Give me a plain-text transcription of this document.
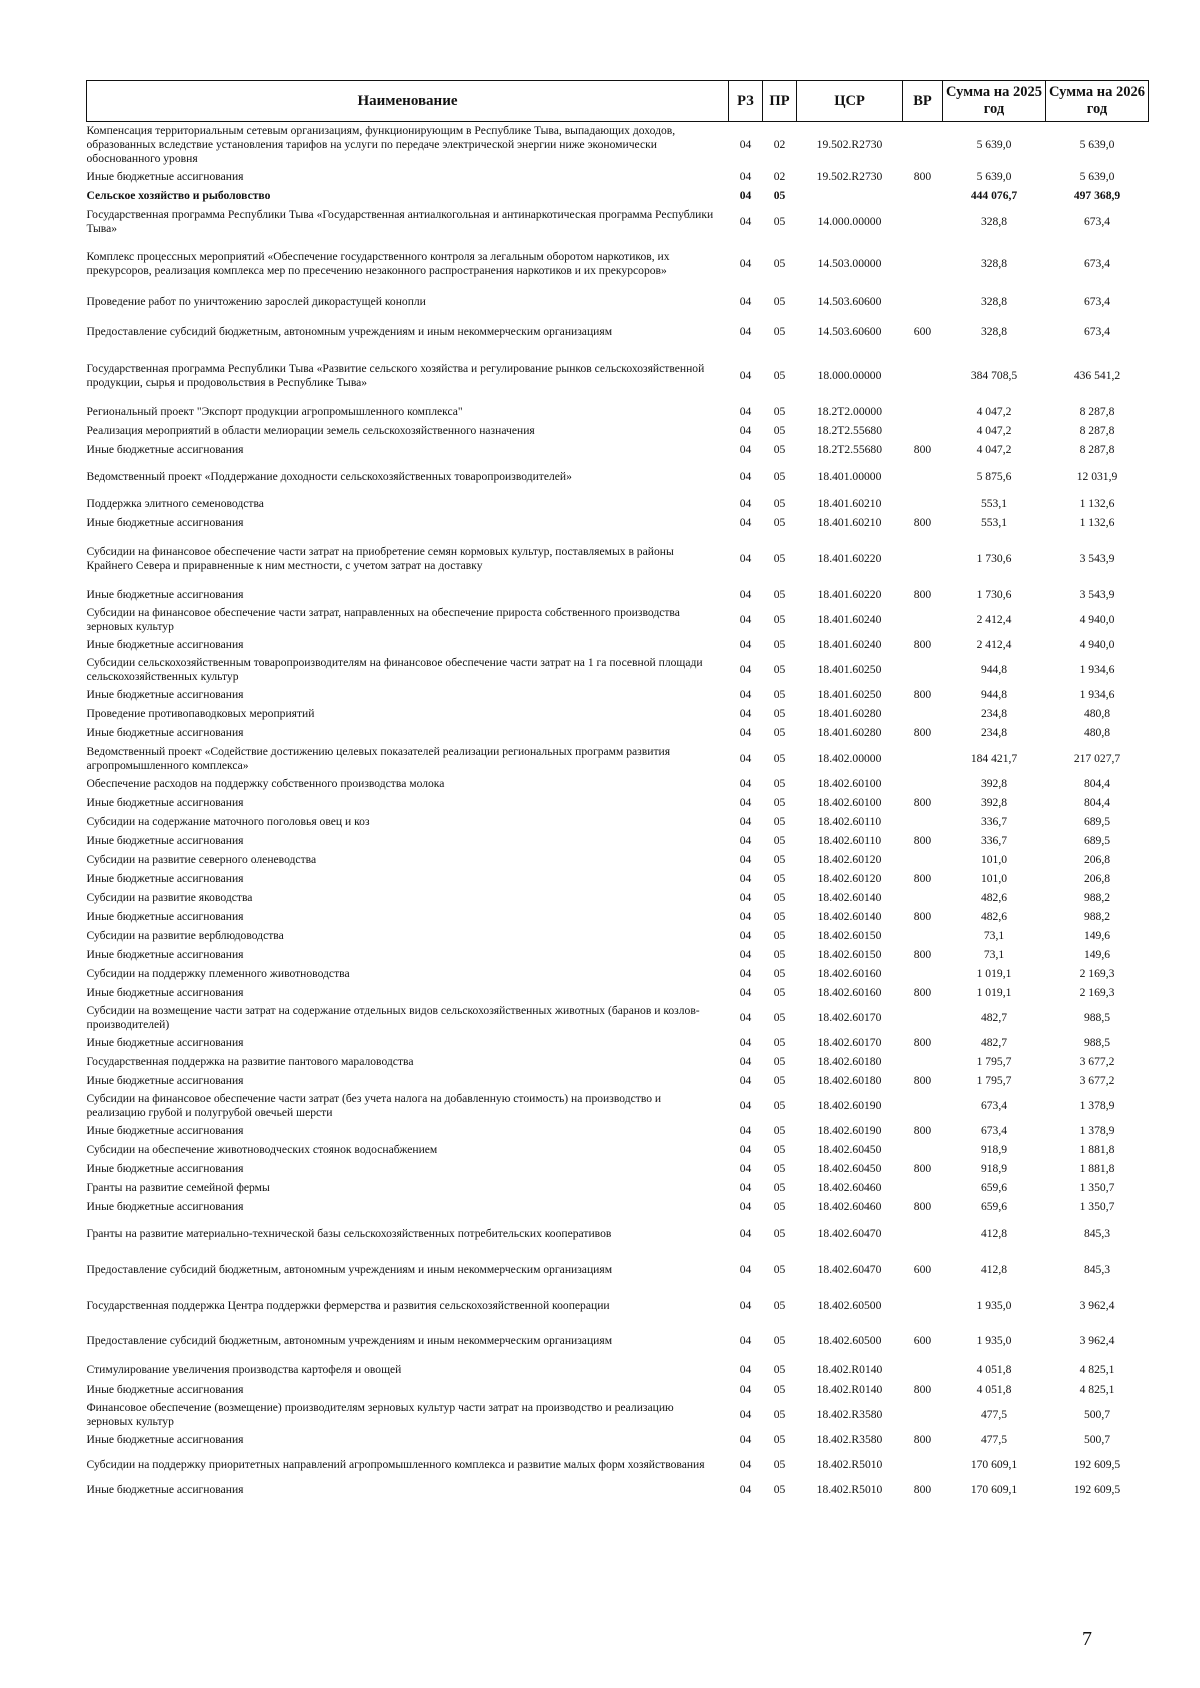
Наименование	РЗ	ПР	ЦСР	ВР	Сумма на 2025 год	Сумма на 2026 год
Компенсация территориальным сетевым организациям, функционирующим в Республике Тыва, выпадающих доходов, образованных вследствие установления тарифов на услуги по передаче электрической энергии ниже экономически обоснованного уровня	04	02	19.502.R2730		5 639,0	5 639,0
Иные бюджетные ассигнования	04	02	19.502.R2730	800	5 639,0	5 639,0
Сельское хозяйство и рыболовство	04	05			444 076,7	497 368,9
Государственная программа Республики Тыва «Государственная антиалкогольная и антинаркотическая программа Республики Тыва»	04	05	14.000.00000		328,8	673,4
Комплекс процессных мероприятий «Обеспечение государственного контроля за легальным оборотом наркотиков, их прекурсоров, реализация комплекса мер по пресечению незаконного распространения наркотиков и их прекурсоров»	04	05	14.503.00000		328,8	673,4
Проведение работ по уничтожению зарослей дикорастущей конопли	04	05	14.503.60600		328,8	673,4
Предоставление субсидий бюджетным, автономным учреждениям и иным некоммерческим организациям	04	05	14.503.60600	600	328,8	673,4
Государственная программа Республики Тыва «Развитие сельского хозяйства и регулирование рынков сельскохозяйственной продукции, сырья и продовольствия в Республике Тыва»	04	05	18.000.00000		384 708,5	436 541,2
Региональный проект "Экспорт продукции агропромышленного комплекса"	04	05	18.2Т2.00000		4 047,2	8 287,8
Реализация мероприятий в области мелиорации земель сельскохозяйственного назначения	04	05	18.2Т2.55680		4 047,2	8 287,8
Иные бюджетные ассигнования	04	05	18.2Т2.55680	800	4 047,2	8 287,8
Ведомственный проект «Поддержание доходности сельскохозяйственных товаропроизводителей»	04	05	18.401.00000		5 875,6	12 031,9
Поддержка элитного семеноводства	04	05	18.401.60210		553,1	1 132,6
Иные бюджетные ассигнования	04	05	18.401.60210	800	553,1	1 132,6
Субсидии на финансовое обеспечение части затрат на приобретение семян кормовых культур, поставляемых в районы Крайнего Севера и приравненные к ним местности, с учетом затрат на доставку	04	05	18.401.60220		1 730,6	3 543,9
Иные бюджетные ассигнования	04	05	18.401.60220	800	1 730,6	3 543,9
Субсидии на финансовое обеспечение части затрат, направленных на обеспечение прироста собственного производства зерновых культур	04	05	18.401.60240		2 412,4	4 940,0
Иные бюджетные ассигнования	04	05	18.401.60240	800	2 412,4	4 940,0
Субсидии сельскохозяйственным товаропроизводителям на финансовое обеспечение части затрат на 1 га посевной площади сельскохозяйственных культур	04	05	18.401.60250		944,8	1 934,6
Иные бюджетные ассигнования	04	05	18.401.60250	800	944,8	1 934,6
Проведение противопаводковых мероприятий	04	05	18.401.60280		234,8	480,8
Иные бюджетные ассигнования	04	05	18.401.60280	800	234,8	480,8
Ведомственный проект «Содействие достижению целевых показателей реализации региональных программ развития агропромышленного комплекса»	04	05	18.402.00000		184 421,7	217 027,7
Обеспечение расходов на поддержку собственного производства молока	04	05	18.402.60100		392,8	804,4
Иные бюджетные ассигнования	04	05	18.402.60100	800	392,8	804,4
Субсидии на содержание маточного поголовья овец и коз	04	05	18.402.60110		336,7	689,5
Иные бюджетные ассигнования	04	05	18.402.60110	800	336,7	689,5
Субсидии на развитие северного оленеводства	04	05	18.402.60120		101,0	206,8
Иные бюджетные ассигнования	04	05	18.402.60120	800	101,0	206,8
Субсидии на развитие яководства	04	05	18.402.60140		482,6	988,2
Иные бюджетные ассигнования	04	05	18.402.60140	800	482,6	988,2
Субсидии на развитие верблюдоводства	04	05	18.402.60150		73,1	149,6
Иные бюджетные ассигнования	04	05	18.402.60150	800	73,1	149,6
Субсидии на поддержку племенного животноводства	04	05	18.402.60160		1 019,1	2 169,3
Иные бюджетные ассигнования	04	05	18.402.60160	800	1 019,1	2 169,3
Субсидии на возмещение части затрат на содержание отдельных видов сельскохозяйственных животных (баранов и козлов-производителей)	04	05	18.402.60170		482,7	988,5
Иные бюджетные ассигнования	04	05	18.402.60170	800	482,7	988,5
Государственная поддержка на развитие пантового мараловодства	04	05	18.402.60180		1 795,7	3 677,2
Иные бюджетные ассигнования	04	05	18.402.60180	800	1 795,7	3 677,2
Субсидии на финансовое обеспечение части затрат (без учета налога на добавленную стоимость) на производство и реализацию грубой и полугрубой овечьей шерсти	04	05	18.402.60190		673,4	1 378,9
Иные бюджетные ассигнования	04	05	18.402.60190	800	673,4	1 378,9
Субсидии на обеспечение животноводческих стоянок водоснабжением	04	05	18.402.60450		918,9	1 881,8
Иные бюджетные ассигнования	04	05	18.402.60450	800	918,9	1 881,8
Гранты на развитие семейной фермы	04	05	18.402.60460		659,6	1 350,7
Иные бюджетные ассигнования	04	05	18.402.60460	800	659,6	1 350,7
Гранты на развитие материально-технической базы сельскохозяйственных потребительских кооперативов	04	05	18.402.60470		412,8	845,3
Предоставление субсидий бюджетным, автономным учреждениям и иным некоммерческим организациям	04	05	18.402.60470	600	412,8	845,3
Государственная поддержка Центра поддержки фермерства и развития сельскохозяйственной кооперации	04	05	18.402.60500		1 935,0	3 962,4
Предоставление субсидий бюджетным, автономным учреждениям и иным некоммерческим организациям	04	05	18.402.60500	600	1 935,0	3 962,4
Стимулирование увеличения производства картофеля и овощей	04	05	18.402.R0140		4 051,8	4 825,1
Иные бюджетные ассигнования	04	05	18.402.R0140	800	4 051,8	4 825,1
Финансовое обеспечение (возмещение) производителям зерновых культур части затрат на производство и реализацию зерновых культур	04	05	18.402.R3580		477,5	500,7
Иные бюджетные ассигнования	04	05	18.402.R3580	800	477,5	500,7
Субсидии на поддержку приоритетных направлений агропромышленного комплекса и развитие малых форм хозяйствования	04	05	18.402.R5010		170 609,1	192 609,5
Иные бюджетные ассигнования	04	05	18.402.R5010	800	170 609,1	192 609,5
7
